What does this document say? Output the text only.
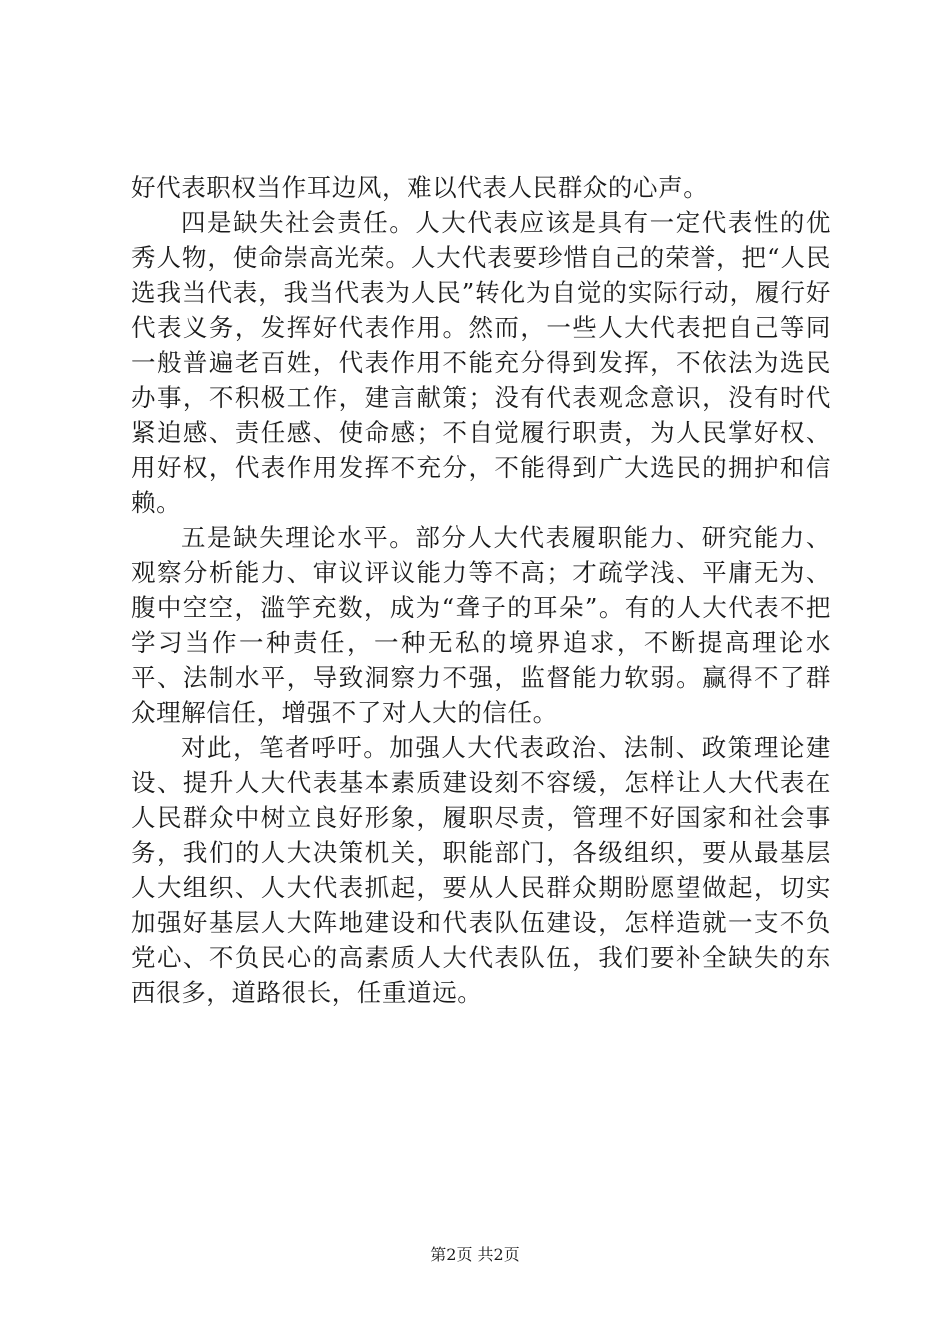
好代表职权当作耳边风，难以代表人民群众的心声。

四是缺失社会责任。人大代表应该是具有一定代表性的优秀人物，使命崇高光荣。人大代表要珍惜自己的荣誉，把“人民选我当代表，我当代表为人民”转化为自觉的实际行动，履行好代表义务，发挥好代表作用。然而，一些人大代表把自己等同一般普遍老百姓，代表作用不能充分得到发挥，不依法为选民办事，不积极工作，建言献策；没有代表观念意识，没有时代紧迫感、责任感、使命感；不自觉履行职责，为人民掌好权、用好权，代表作用发挥不充分，不能得到广大选民的拥护和信赖。

五是缺失理论水平。部分人大代表履职能力、研究能力、观察分析能力、审议评议能力等不高；才疏学浅、平庸无为、腹中空空，滥竽充数，成为“聋子的耳朵”。有的人大代表不把学习当作一种责任，一种无私的境界追求，不断提高理论水平、法制水平，导致洞察力不强，监督能力软弱。赢得不了群众理解信任，增强不了对人大的信任。

对此，笔者呼吁。加强人大代表政治、法制、政策理论建设、提升人大代表基本素质建设刻不容缓，怎样让人大代表在人民群众中树立良好形象，履职尽责，管理不好国家和社会事务，我们的人大决策机关，职能部门，各级组织，要从最基层人大组织、人大代表抓起，要从人民群众期盼愿望做起，切实加强好基层人大阵地建设和代表队伍建设，怎样造就一支不负党心、不负民心的高素质人大代表队伍，我们要补全缺失的东西很多，道路很长，任重道远。

第2页 共2页
